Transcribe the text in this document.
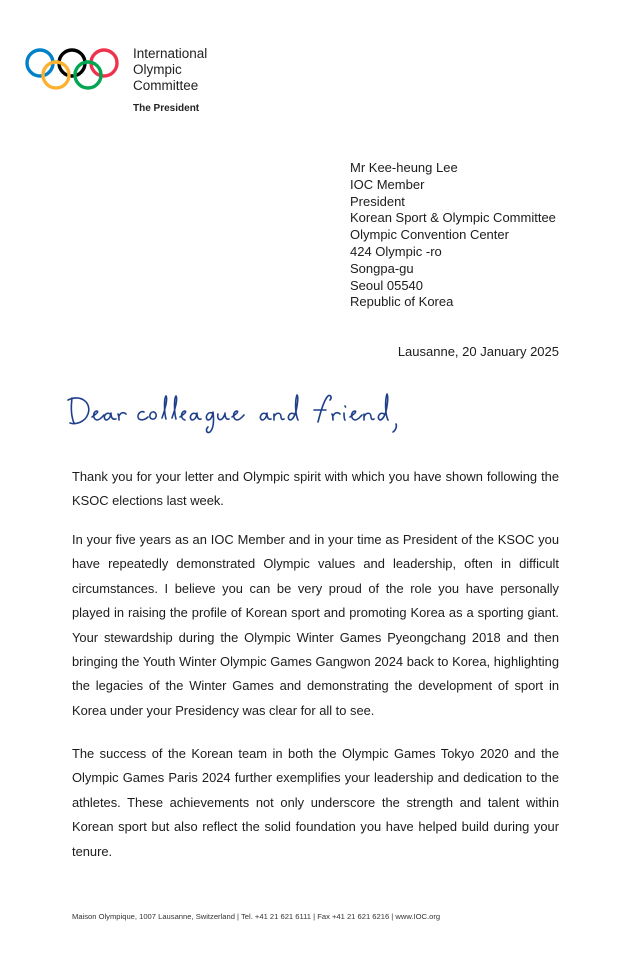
International
Olympic
Committee
The President
Mr Kee-heung Lee
IOC Member
President
Korean Sport & Olympic Committee
Olympic Convention Center
424 Olympic -ro
Songpa-gu
Seoul 05540
Republic of Korea
Lausanne, 20 January 2025

Thank you for your letter and Olympic spirit with which you have shown following the KSOC elections last week.

In your five years as an IOC Member and in your time as President of the KSOC you have repeatedly demonstrated Olympic values and leadership, often in difficult circumstances. I believe you can be very proud of the role you have personally played in raising the profile of Korean sport and promoting Korea as a sporting giant. Your stewardship during the Olympic Winter Games Pyeongchang 2018 and then bringing the Youth Winter Olympic Games Gangwon 2024 back to Korea, highlighting the legacies of the Winter Games and demonstrating the development of sport in Korea under your Presidency was clear for all to see.

The success of the Korean team in both the Olympic Games Tokyo 2020 and the Olympic Games Paris 2024 further exemplifies your leadership and dedication to the athletes. These achievements not only underscore the strength and talent within Korean sport but also reflect the solid foundation you have helped build during your tenure.

Maison Olympique, 1007 Lausanne, Switzerland | Tel. +41 21 621 6111 | Fax +41 21 621 6216 | www.IOC.org
